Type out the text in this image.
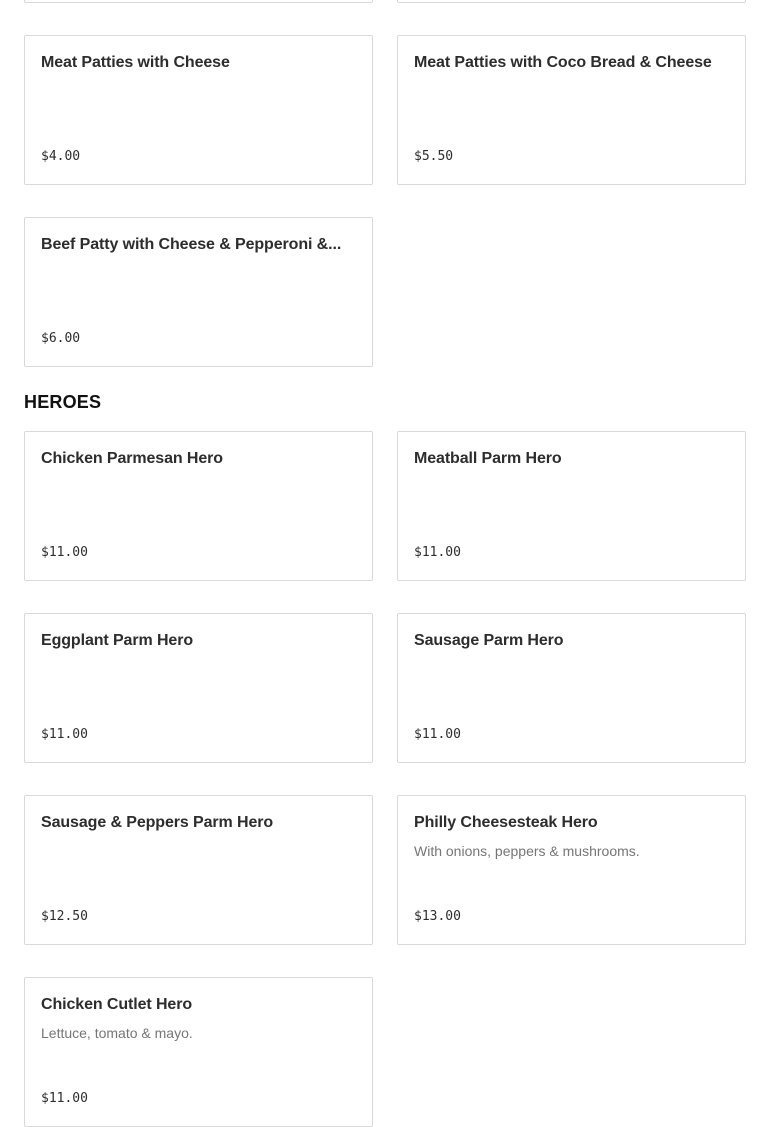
Meat Patties with Cheese
$4.00
Meat Patties with Coco Bread & Cheese
$5.50
Beef Patty with Cheese & Pepperoni &...
$6.00
HEROES
Chicken Parmesan Hero
$11.00
Meatball Parm Hero
$11.00
Eggplant Parm Hero
$11.00
Sausage Parm Hero
$11.00
Sausage & Peppers Parm Hero
$12.50
Philly Cheesesteak Hero
With onions, peppers & mushrooms.
$13.00
Chicken Cutlet Hero
Lettuce, tomato & mayo.
$11.00
